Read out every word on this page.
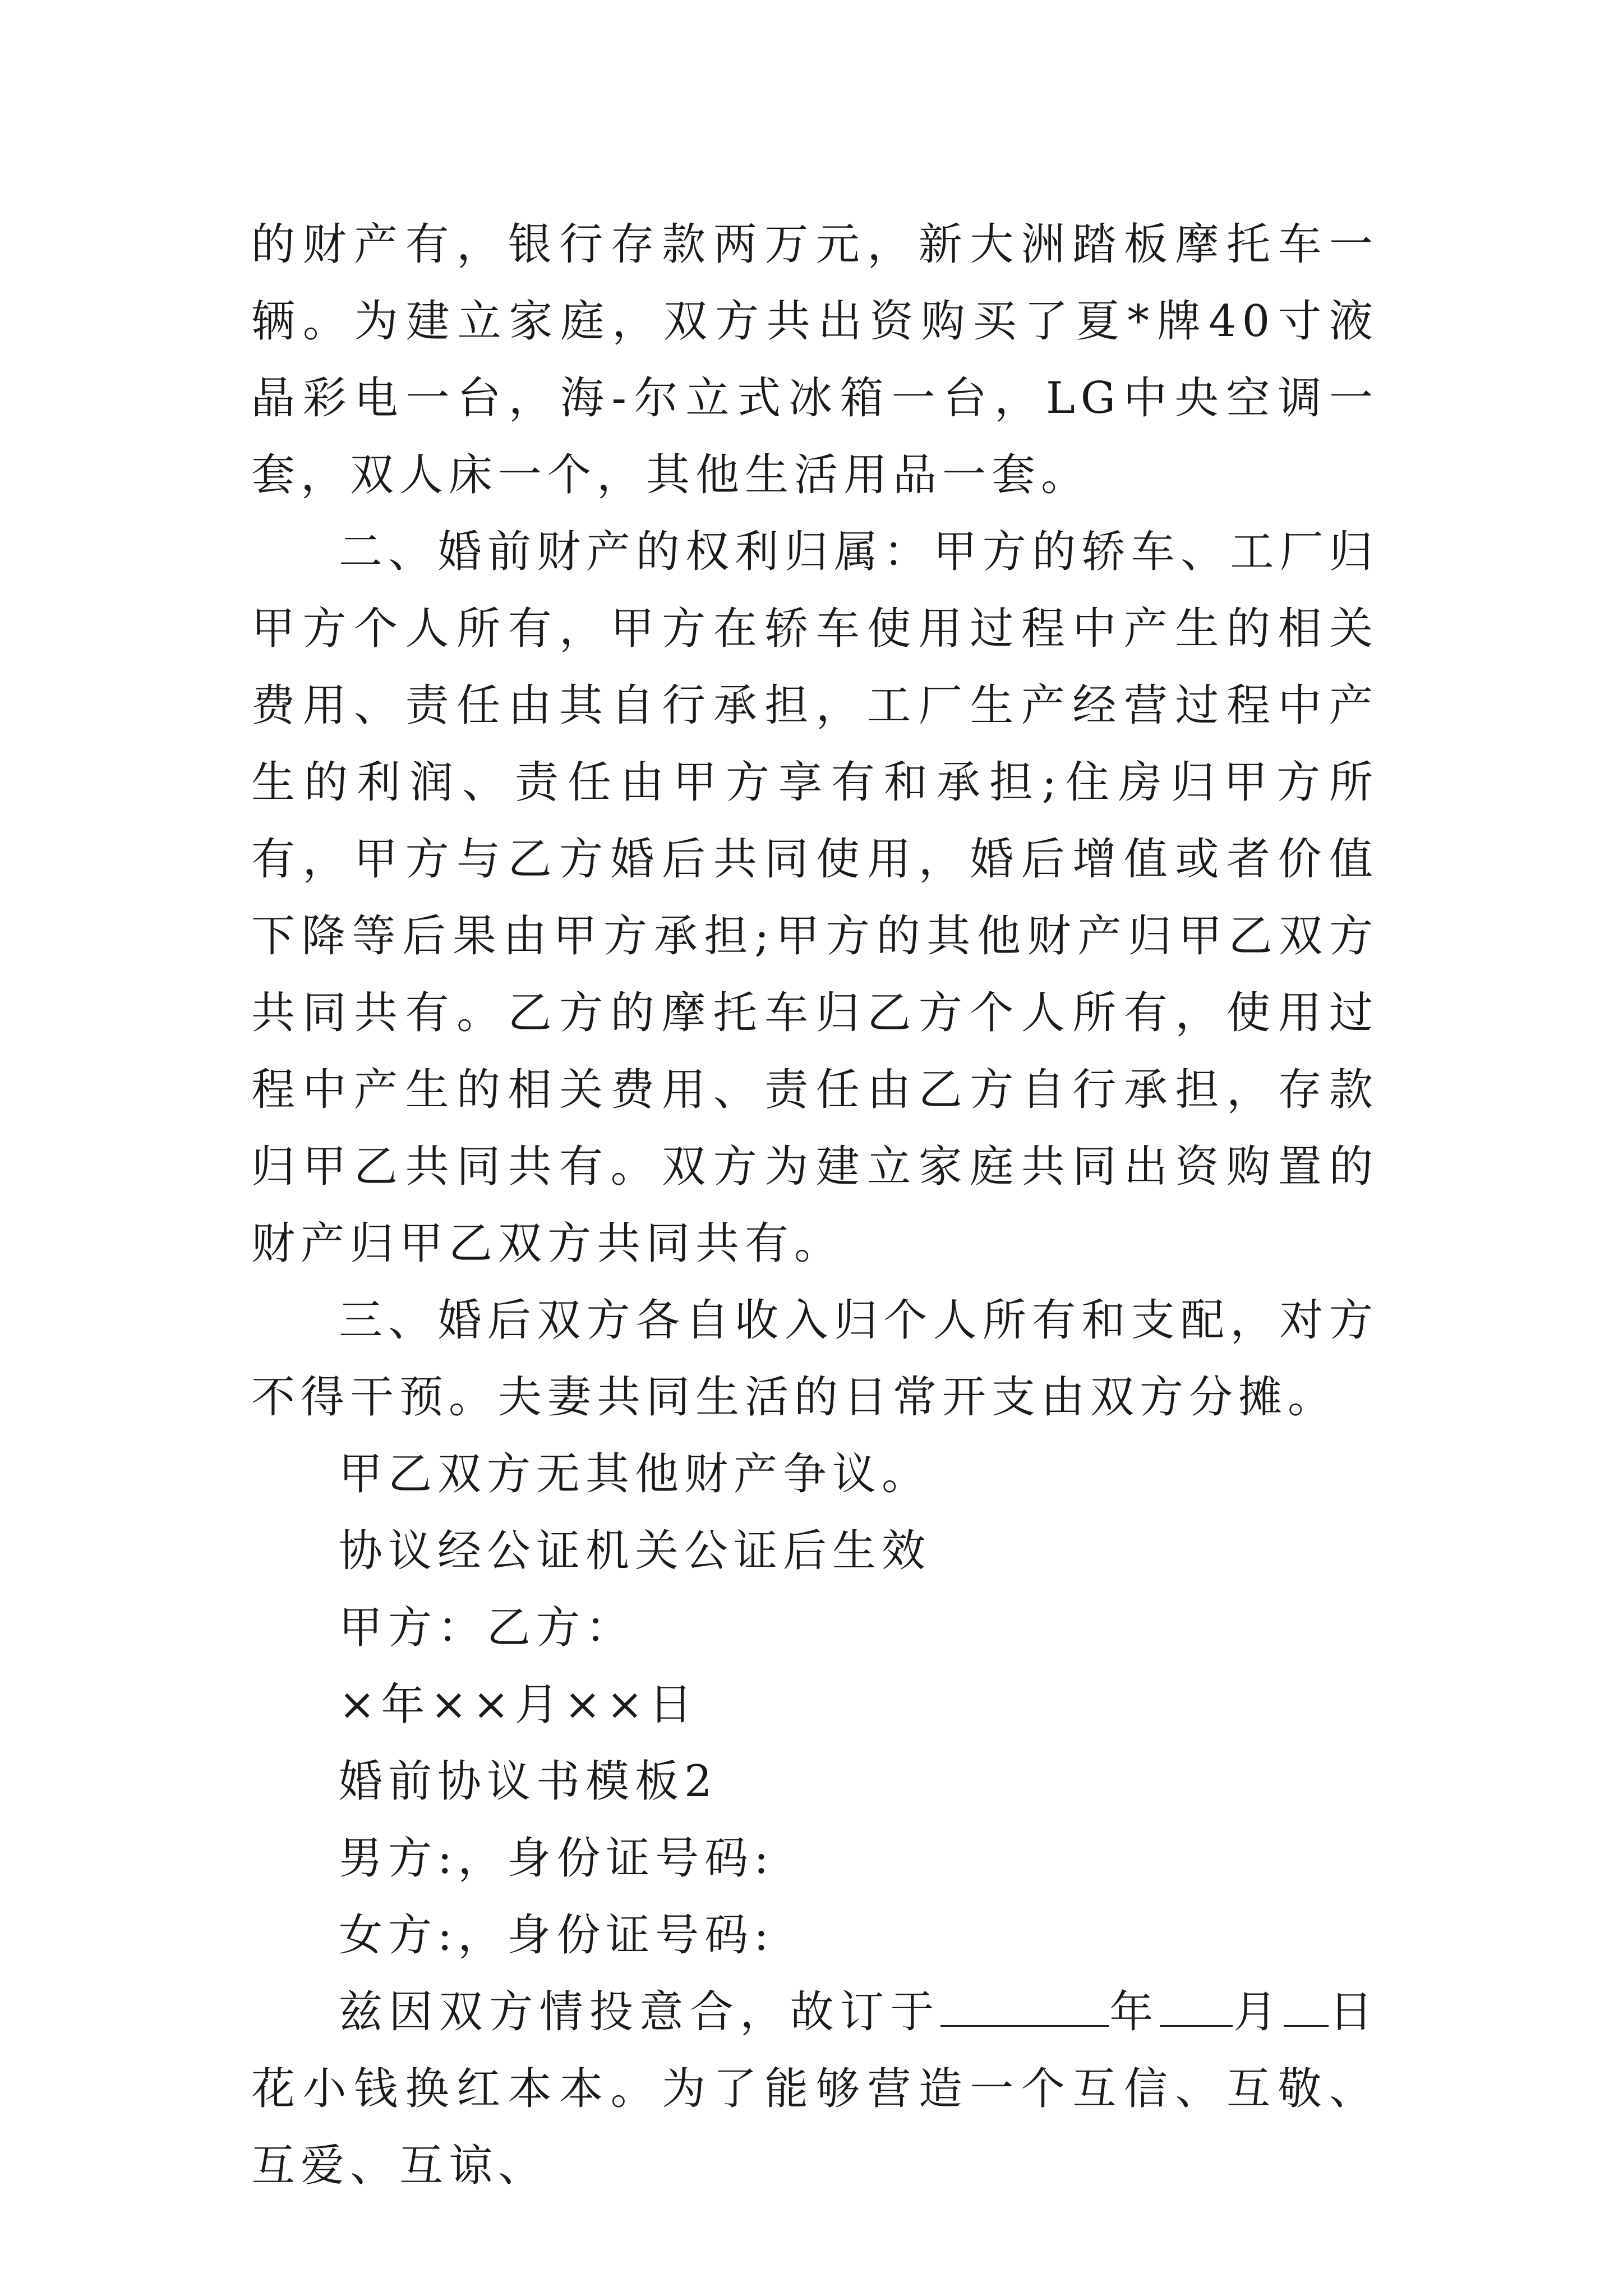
的财产有，银行存款两万元，新大洲踏板摩托车一辆。为建立家庭，双方共出资购买了夏*牌40寸液晶彩电一台，海-尔立式冰箱一台，LG中央空调一套，双人床一个，其他生活用品一套。

二、婚前财产的权利归属：甲方的轿车、工厂归甲方个人所有，甲方在轿车使用过程中产生的相关费用、责任由其自行承担，工厂生产经营过程中产生的利润、责任由甲方享有和承担;住房归甲方所有，甲方与乙方婚后共同使用，婚后增值或者价值下降等后果由甲方承担;甲方的其他财产归甲乙双方共同共有。乙方的摩托车归乙方个人所有，使用过程中产生的相关费用、责任由乙方自行承担，存款归甲乙共同共有。双方为建立家庭共同出资购置的财产归甲乙双方共同共有。

三、婚后双方各自收入归个人所有和支配，对方不得干预。夫妻共同生活的日常开支由双方分摊。

甲乙双方无其他财产争议。
协议经公证机关公证后生效
甲方：乙方：
×年××月××日
婚前协议书模板2
男方:，身份证号码:
女方:，身份证号码:

兹因双方情投意合，故订于	年 月 日花小钱换红本本。为了能够营造一个互信、互敬、互爱、互谅、
